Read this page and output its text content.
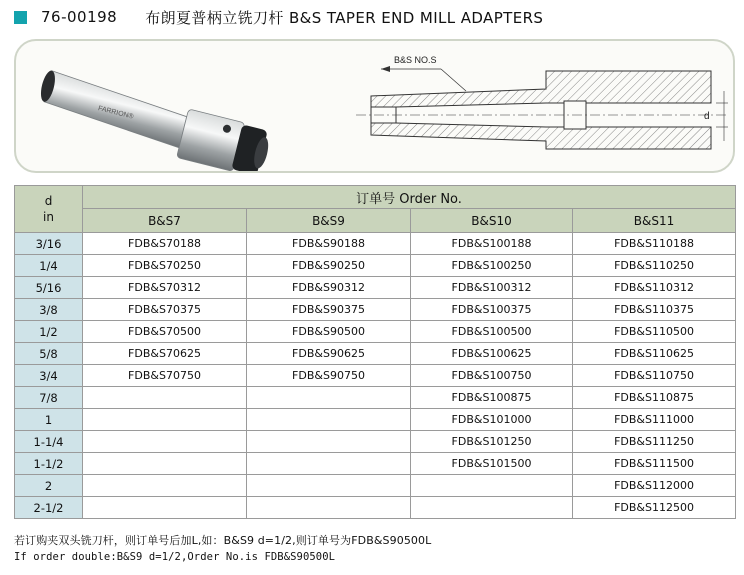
76-00198 布朗夏普柄立铣刀杆 B&S TAPER END MILL ADAPTERS
FARRION®
B&S NO.S
d
d
in	订单号 Order No.			
	B&S7	B&S9	B&S10	B&S11
3/16	FDB&S70188	FDB&S90188	FDB&S100188	FDB&S110188
1/4	FDB&S70250	FDB&S90250	FDB&S100250	FDB&S110250
5/16	FDB&S70312	FDB&S90312	FDB&S100312	FDB&S110312
3/8	FDB&S70375	FDB&S90375	FDB&S100375	FDB&S110375
1/2	FDB&S70500	FDB&S90500	FDB&S100500	FDB&S110500
5/8	FDB&S70625	FDB&S90625	FDB&S100625	FDB&S110625
3/4	FDB&S70750	FDB&S90750	FDB&S100750	FDB&S110750
7/8			FDB&S100875	FDB&S110875
1			FDB&S101000	FDB&S111000
1-1/4			FDB&S101250	FDB&S111250
1-1/2			FDB&S101500	FDB&S111500
2				FDB&S112000
2-1/2				FDB&S112500
若订购夹双头铣刀杆，则订单号后加L,如：B&S9 d=1/2,则订单号为FDB&S90500L
If order double:B&S9 d=1/2,Order No.is FDB&S90500L
